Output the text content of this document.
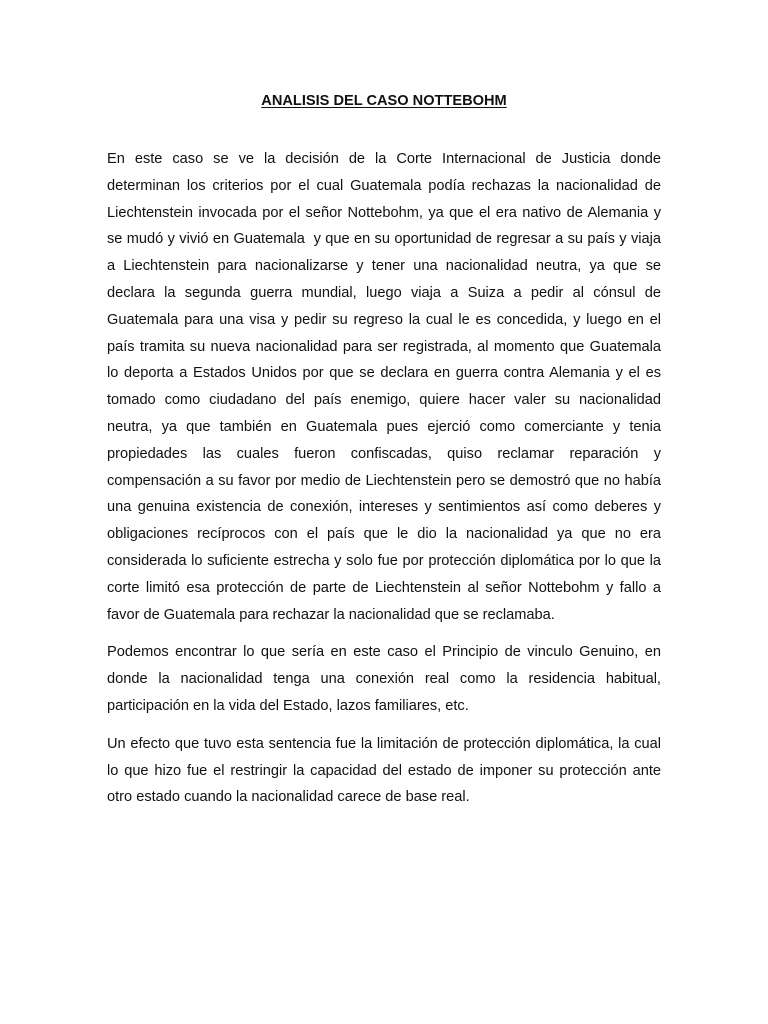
ANALISIS DEL CASO NOTTEBOHM

En este caso se ve la decisión de la Corte Internacional de Justicia donde determinan los criterios por el cual Guatemala podía rechazas la nacionalidad de Liechtenstein invocada por el señor Nottebohm, ya que el era nativo de Alemania y se mudó y vivió en Guatemala  y que en su oportunidad de regresar a su país y viaja a Liechtenstein para nacionalizarse y tener una nacionalidad neutra, ya que se declara la segunda guerra mundial, luego viaja a Suiza a pedir al cónsul de Guatemala para una visa y pedir su regreso la cual le es concedida, y luego en el país tramita su nueva nacionalidad para ser registrada, al momento que Guatemala lo deporta a Estados Unidos por que se declara en guerra contra Alemania y el es tomado como ciudadano del país enemigo, quiere hacer valer su nacionalidad neutra, ya que también en Guatemala pues ejerció como comerciante y tenia propiedades las cuales fueron confiscadas, quiso reclamar reparación y compensación a su favor por medio de Liechtenstein pero se demostró que no había una genuina existencia de conexión, intereses y sentimientos así como deberes y obligaciones recíprocos con el país que le dio la nacionalidad ya que no era considerada lo suficiente estrecha y solo fue por protección diplomática por lo que la corte limitó esa protección de parte de Liechtenstein al señor Nottebohm y fallo a favor de Guatemala para rechazar la nacionalidad que se reclamaba.

Podemos encontrar lo que sería en este caso el Principio de vinculo Genuino, en donde la nacionalidad tenga una conexión real como la residencia habitual, participación en la vida del Estado, lazos familiares, etc.

Un efecto que tuvo esta sentencia fue la limitación de protección diplomática, la cual lo que hizo fue el restringir la capacidad del estado de imponer su protección ante otro estado cuando la nacionalidad carece de base real.
